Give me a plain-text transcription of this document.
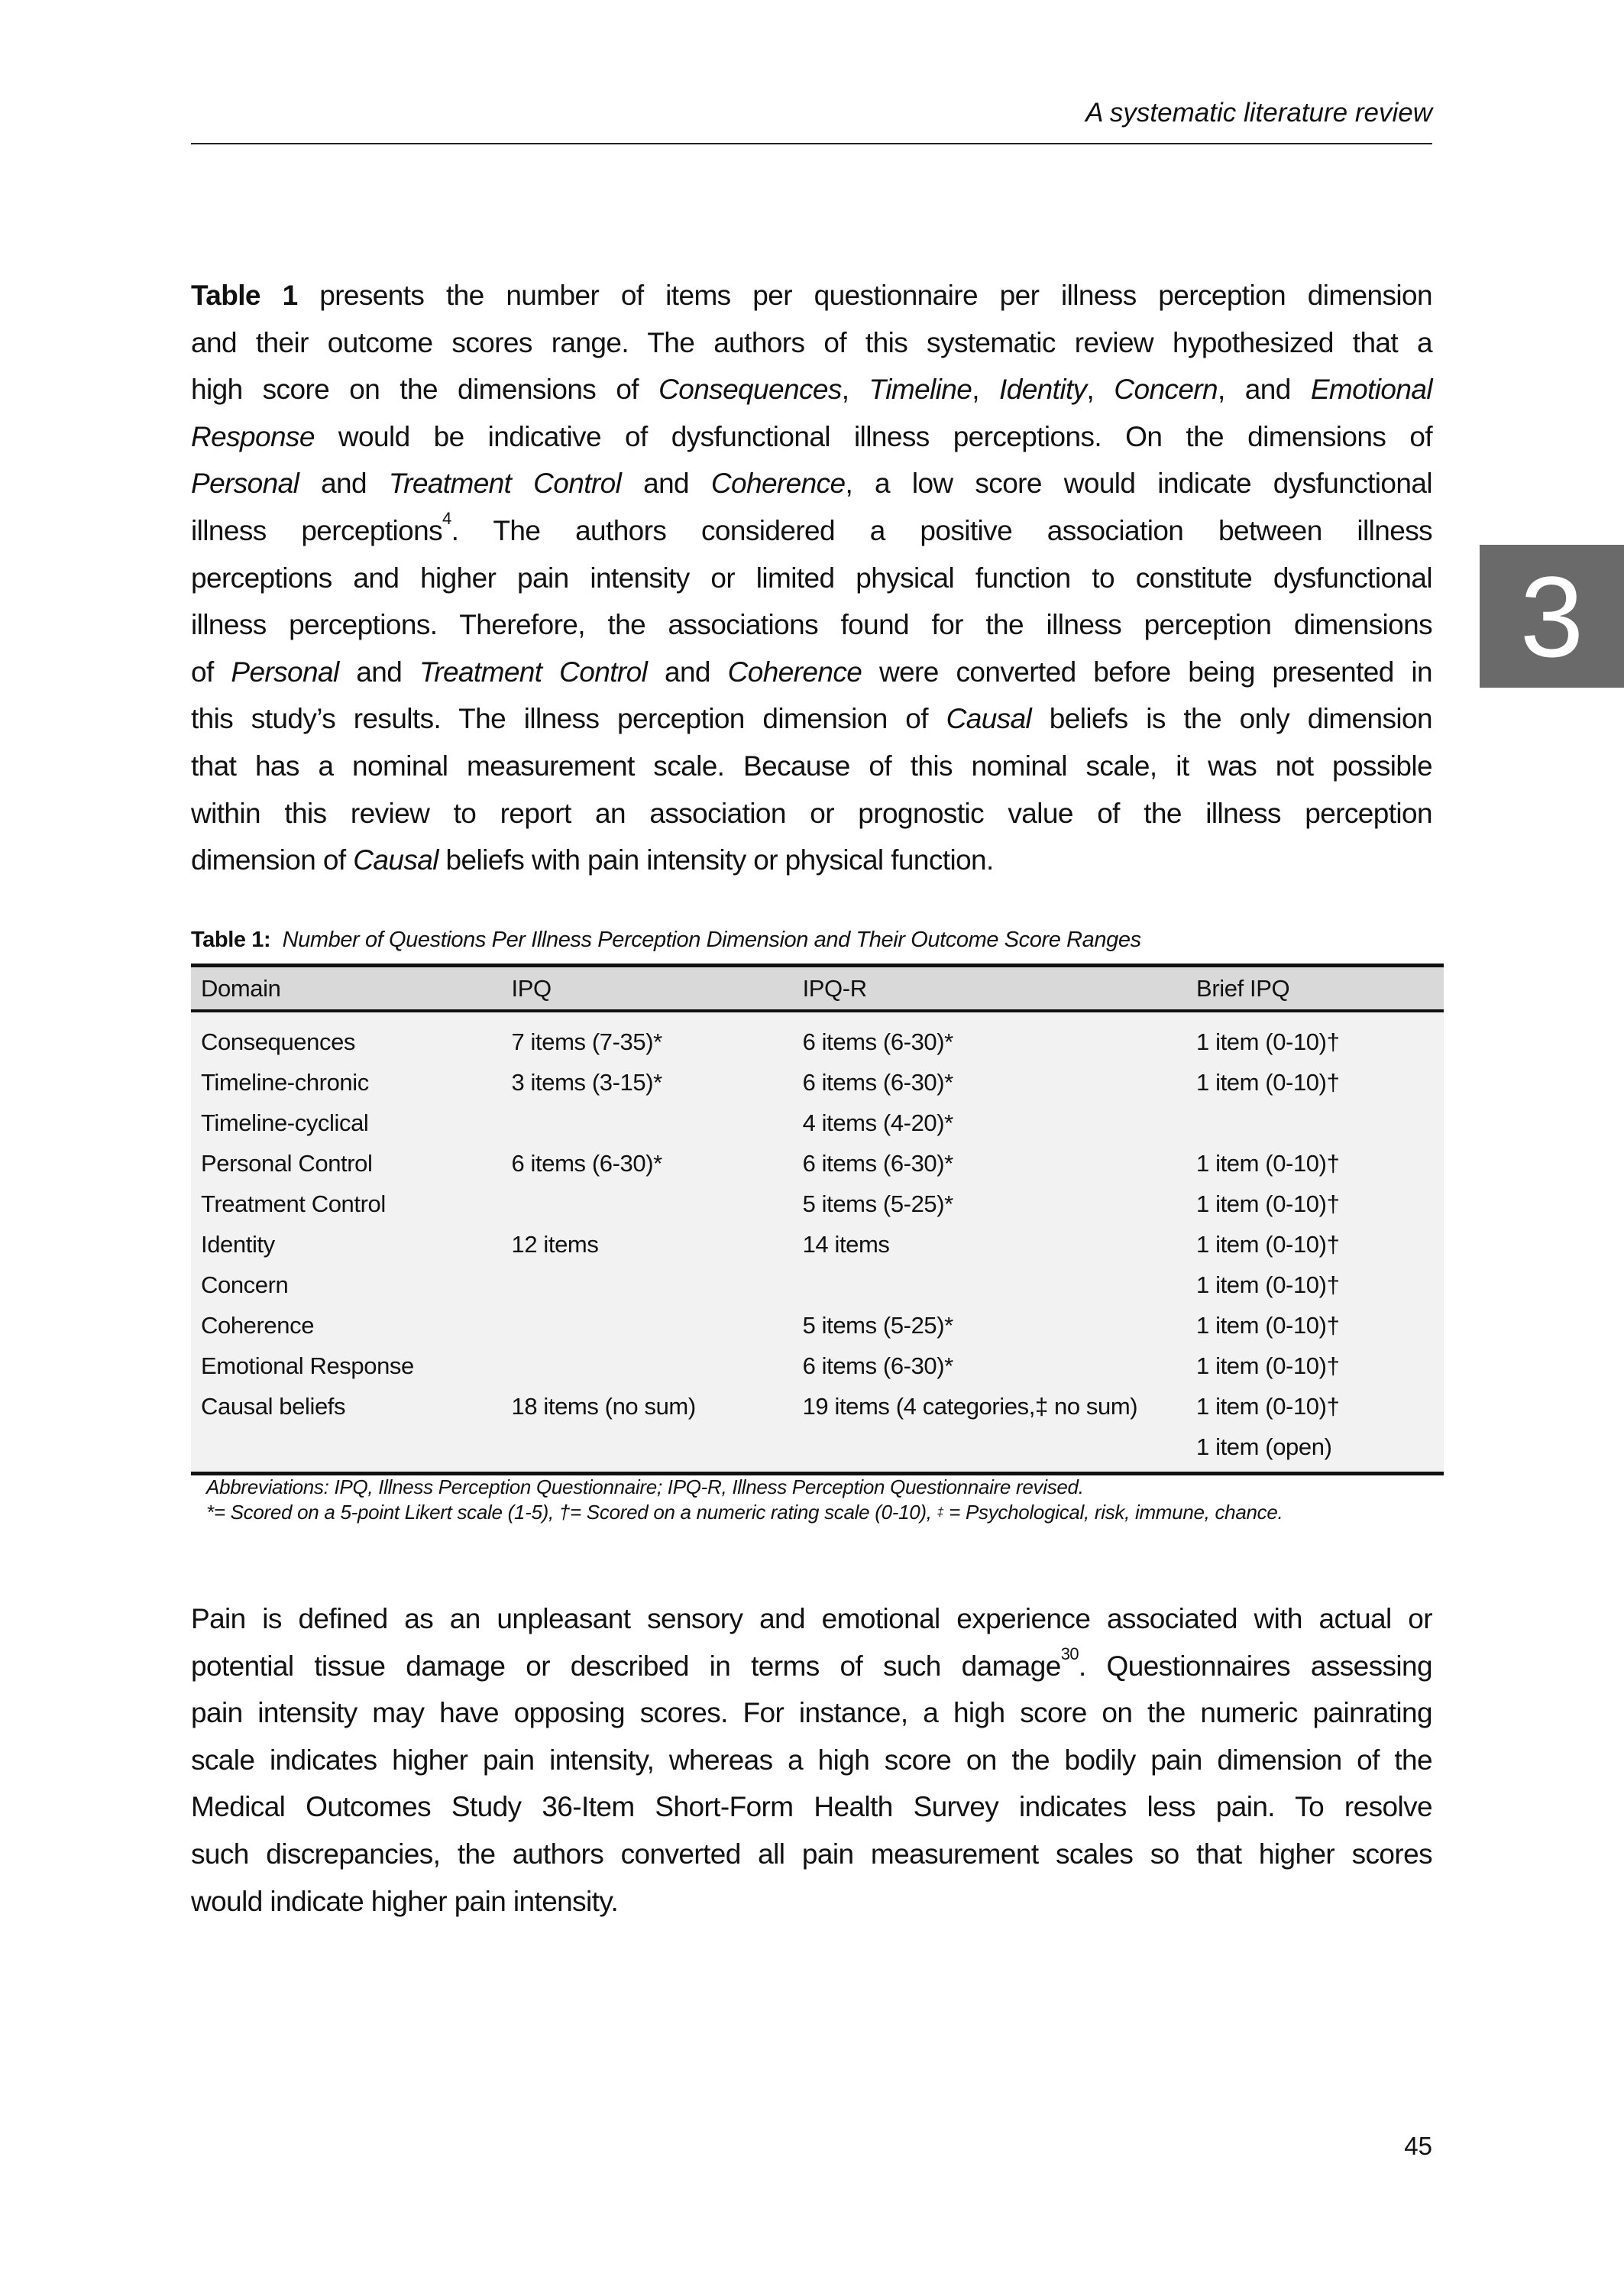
A systematic literature review
3
Table 1 presents the number of items per questionnaire per illness perception dimension
and their outcome scores range. The authors of this systematic review hypothesized that a
high score on the dimensions of Consequences, Timeline, Identity, Concern, and Emotional
Response would be indicative of dysfunctional illness perceptions. On the dimensions of
Personal and Treatment Control and Coherence, a low score would indicate dysfunctional
illness perceptions$^4$. The authors considered a positive association between illness
perceptions and higher pain intensity or limited physical function to constitute dysfunctional
illness perceptions. Therefore, the associations found for the illness perception dimensions
of Personal and Treatment Control and Coherence were converted before being presented in
this study’s results. The illness perception dimension of Causal beliefs is the only dimension
that has a nominal measurement scale. Because of this nominal scale, it was not possible
within this review to report an association or prognostic value of the illness perception
dimension of Causal beliefs with pain intensity or physical function.
Table 1: Number of Questions Per Illness Perception Dimension and Their Outcome Score Ranges
Domain	IPQ	IPQ-R	Brief IPQ
Consequences	7 items (7-35)*	6 items (6-30)*	1 item (0-10)†
Timeline-chronic	3 items (3-15)*	6 items (6-30)*	1 item (0-10)†
Timeline-cyclical		4 items (4-20)*	
Personal Control	6 items (6-30)*	6 items (6-30)*	1 item (0-10)†
Treatment Control		5 items (5-25)*	1 item (0-10)†
Identity	12 items	14 items	1 item (0-10)†
Concern			1 item (0-10)†
Coherence		5 items (5-25)*	1 item (0-10)†
Emotional Response		6 items (6-30)*	1 item (0-10)†
Causal beliefs	18 items (no sum)	19 items (4 categories,‡ no sum)	1 item (0-10)†
			1 item (open)
Abbreviations: IPQ, Illness Perception Questionnaire; IPQ-R, Illness Perception Questionnaire revised.
*= Scored on a 5-point Likert scale (1-5), †= Scored on a numeric rating scale (0-10), ‡ = Psychological, risk, immune, chance.
Pain is defined as an unpleasant sensory and emotional experience associated with actual or
potential tissue damage or described in terms of such damage$^{30}$. Questionnaires assessing
pain intensity may have opposing scores. For instance, a high score on the numeric painrating
scale indicates higher pain intensity, whereas a high score on the bodily pain dimension of the
Medical Outcomes Study 36-Item Short-Form Health Survey indicates less pain. To resolve
such discrepancies, the authors converted all pain measurement scales so that higher scores
would indicate higher pain intensity.
45
